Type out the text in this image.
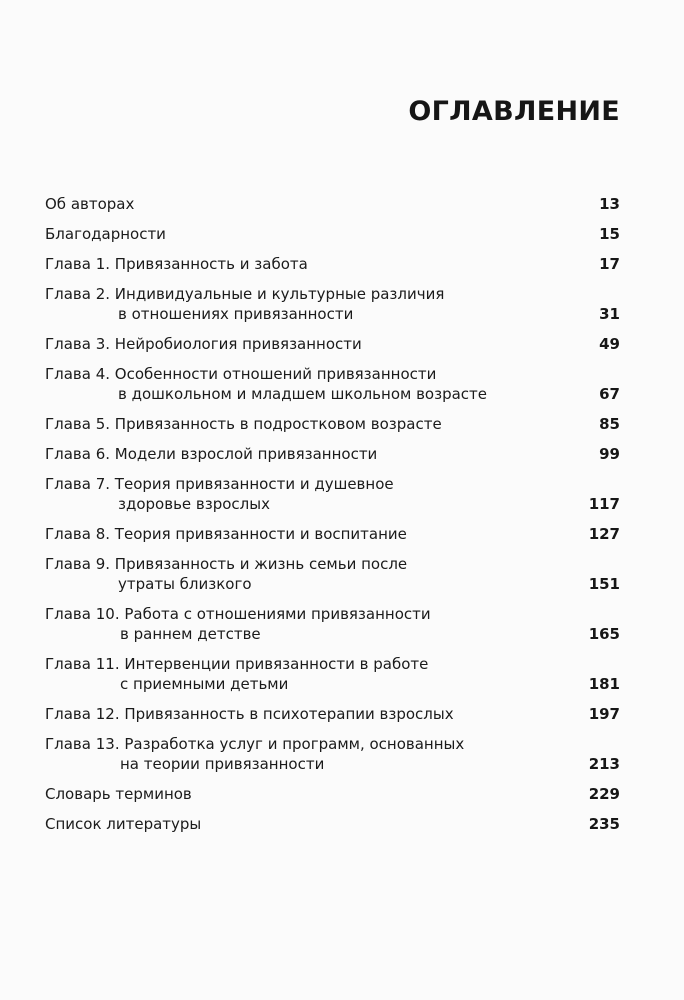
ОГЛАВЛЕНИЕ
Об авторах	13
Благодарности	15
Глава 1. Привязанность и забота	17
Глава 2. Индивидуальные и культурные различия
в отношениях привязанности	31
Глава 3. Нейробиология привязанности	49
Глава 4. Особенности отношений привязанности
в дошкольном и младшем школьном возрасте	67
Глава 5. Привязанность в подростковом возрасте	85
Глава 6. Модели взрослой привязанности	99
Глава 7. Теория привязанности и душевное
здоровье взрослых	117
Глава 8. Теория привязанности и воспитание	127
Глава 9. Привязанность и жизнь семьи после
утраты близкого	151
Глава 10. Работа с отношениями привязанности
в раннем детстве	165
Глава 11. Интервенции привязанности в работе
с приемными детьми	181
Глава 12. Привязанность в психотерапии взрослых	197
Глава 13. Разработка услуг и программ, основанных
на теории привязанности	213
Словарь терминов	229
Список литературы	235
